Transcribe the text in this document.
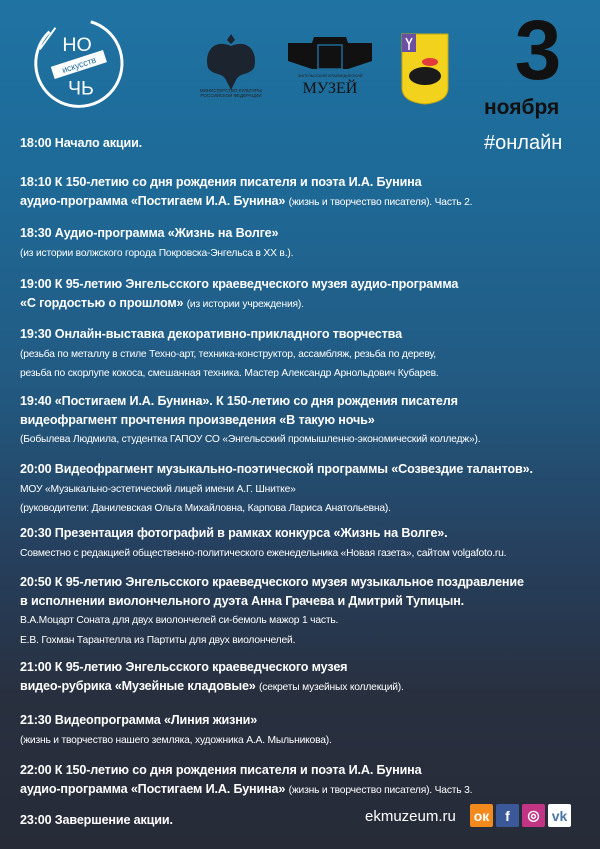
НО
искусств
ЧЬ	МИНИСТЕРСТВО КУЛЬТУРЫ РОССИЙСКОЙ ФЕДЕРАЦИИ
ЭНГЕЛЬССКИЙ КРАЕВЕДЧЕСКИЙ
МУЗЕЙ 3
ноября
#онлайн
18:00 Начало акции.
18:10 К 150-летию со дня рождения писателя и поэта И.А. Бунина
аудио-программа «Постигаем И.А. Бунина» (жизнь и творчество писателя). Часть 2.
18:30 Аудио-программа «Жизнь на Волге»
(из истории волжского города Покровска-Энгельса в XX в.).
19:00 К 95-летию Энгельсского краеведческого музея аудио-программа
«С гордостью о прошлом» (из истории учреждения).
19:30 Онлайн-выставка декоративно-прикладного творчества
(резьба по металлу в стиле Техно-арт, техника-конструктор, ассамбляж, резьба по дереву,
резьба по скорлупе кокоса, смешанная техника. Мастер Александр Арнольдович Кубарев.
19:40 «Постигаем И.А. Бунина». К 150-летию со дня рождения писателя
видеофрагмент прочтения произведения «В такую ночь»
(Бобылева Людмила, студентка ГАПОУ СО «Энгельсский промышленно-экономический колледж»).
20:00 Видеофрагмент музыкально-поэтической программы «Созвездие талантов».
МОУ «Музыкально-эстетический лицей имени А.Г. Шнитке»
(руководители: Данилевская Ольга Михайловна, Карпова Лариса Анатольевна).
20:30 Презентация фотографий в рамках конкурса «Жизнь на Волге».
Совместно с редакцией общественно-политического еженедельника «Новая газета», сайтом volgafoto.ru.
20:50 К 95-летию Энгельсского краеведческого музея музыкальное поздравление
в исполнении виолончельного дуэта Анна Грачева и Дмитрий Тупицын.
В.А.Моцарт Соната для двух виолончелей си-бемоль мажор 1 часть.
Е.В. Гохман Тарантелла из Партиты для двух виолончелей.
21:00 К 95-летию Энгельсского краеведческого музея
видео-рубрика «Музейные кладовые» (секреты музейных коллекций).
21:30 Видеопрограмма «Линия жизни»
(жизнь и творчество нашего земляка, художника А.А. Мыльникова).
22:00 К 150-летию со дня рождения писателя и поэта И.А. Бунина
аудио-программа «Постигаем И.А. Бунина» (жизнь и творчество писателя). Часть 3.
23:00 Завершение акции.	ekmuzeum.ru ок	f	◎ vk
